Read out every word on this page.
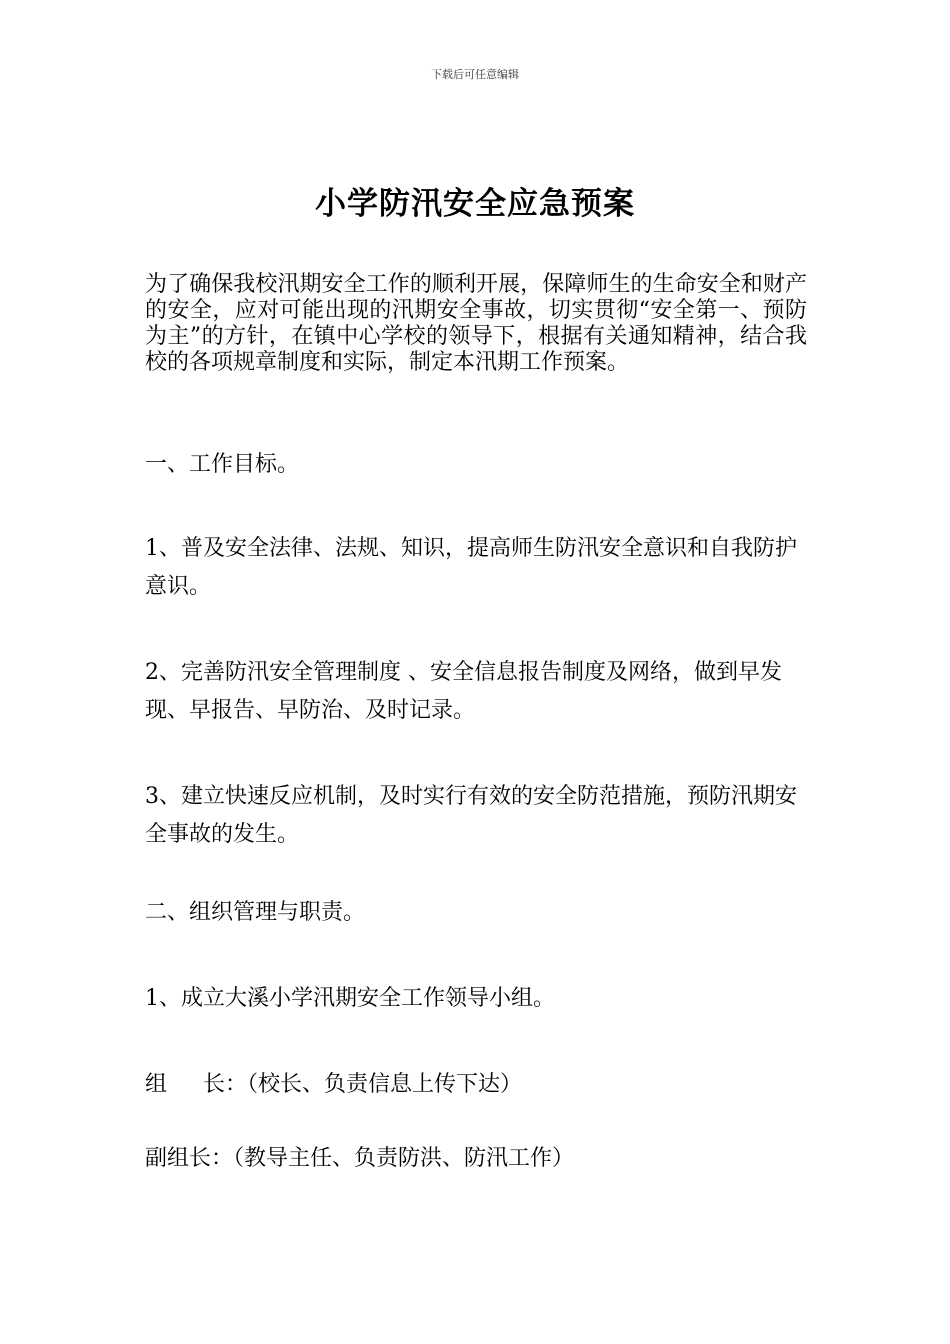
下载后可任意编辑
小学防汛安全应急预案
为了确保我校汛期安全工作的顺利开展，保障师生的生命安全和财产的安全，应对可能出现的汛期安全事故，切实贯彻“安全第一、预防为主”的方针，在镇中心学校的领导下，根据有关通知精神，结合我校的各项规章制度和实际，制定本汛期工作预案。
一、工作目标。
1、普及安全法律、法规、知识，提高师生防汛安全意识和自我防护意识。
2、完善防汛安全管理制度 、安全信息报告制度及网络，做到早发现、早报告、早防治、及时记录。
3、建立快速反应机制，及时实行有效的安全防范措施，预防汛期安全事故的发生。
二、组织管理与职责。
1、成立大溪小学汛期安全工作领导小组。
组 长：（校长、负责信息上传下达）
副组长：（教导主任、负责防洪、防汛工作）
